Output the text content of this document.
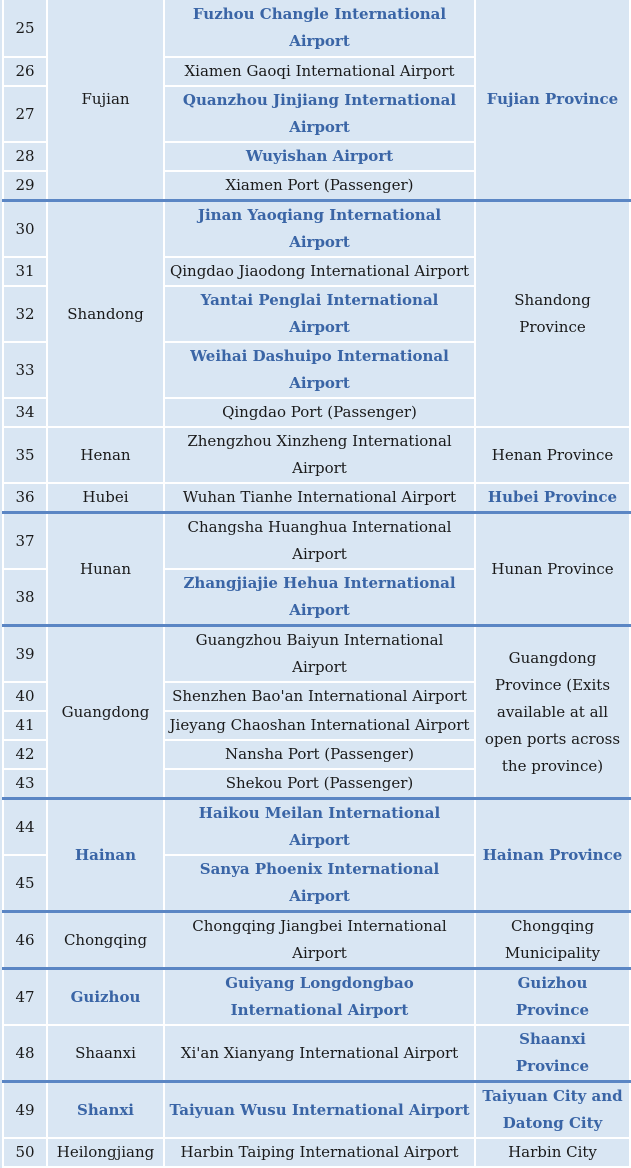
25	Fujian	Fuzhou Changle International Airport	Fujian Province
26		Xiamen Gaoqi International Airport	
27		Quanzhou Jinjiang International Airport	
28		Wuyishan Airport	
29		Xiamen Port (Passenger)	
30	Shandong	Jinan Yaoqiang International Airport	Shandong Province
31		Qingdao Jiaodong International Airport	
32		Yantai Penglai International Airport	
33		Weihai Dashuipo International Airport	
34		Qingdao Port (Passenger)	
35	Henan	Zhengzhou Xinzheng International Airport	Henan Province
36	Hubei	Wuhan Tianhe International Airport	Hubei Province
37	Hunan	Changsha Huanghua International Airport	Hunan Province
38		Zhangjiajie Hehua International Airport	
39	Guangdong	Guangzhou Baiyun International Airport	Guangdong Province (Exits available at all open ports across the province)
40		Shenzhen Bao'an International Airport	
41		Jieyang Chaoshan International Airport	
42		Nansha Port (Passenger)	
43		Shekou Port (Passenger)	
44	Hainan	Haikou Meilan International Airport	Hainan Province
45		Sanya Phoenix International Airport	
46	Chongqing	Chongqing Jiangbei International Airport	Chongqing Municipality
47	Guizhou	Guiyang Longdongbao International Airport	Guizhou Province
48	Shaanxi	Xi'an Xianyang International Airport	Shaanxi Province
49	Shanxi	Taiyuan Wusu International Airport	Taiyuan City and Datong City
50	Heilongjiang	Harbin Taiping International Airport	Harbin City
